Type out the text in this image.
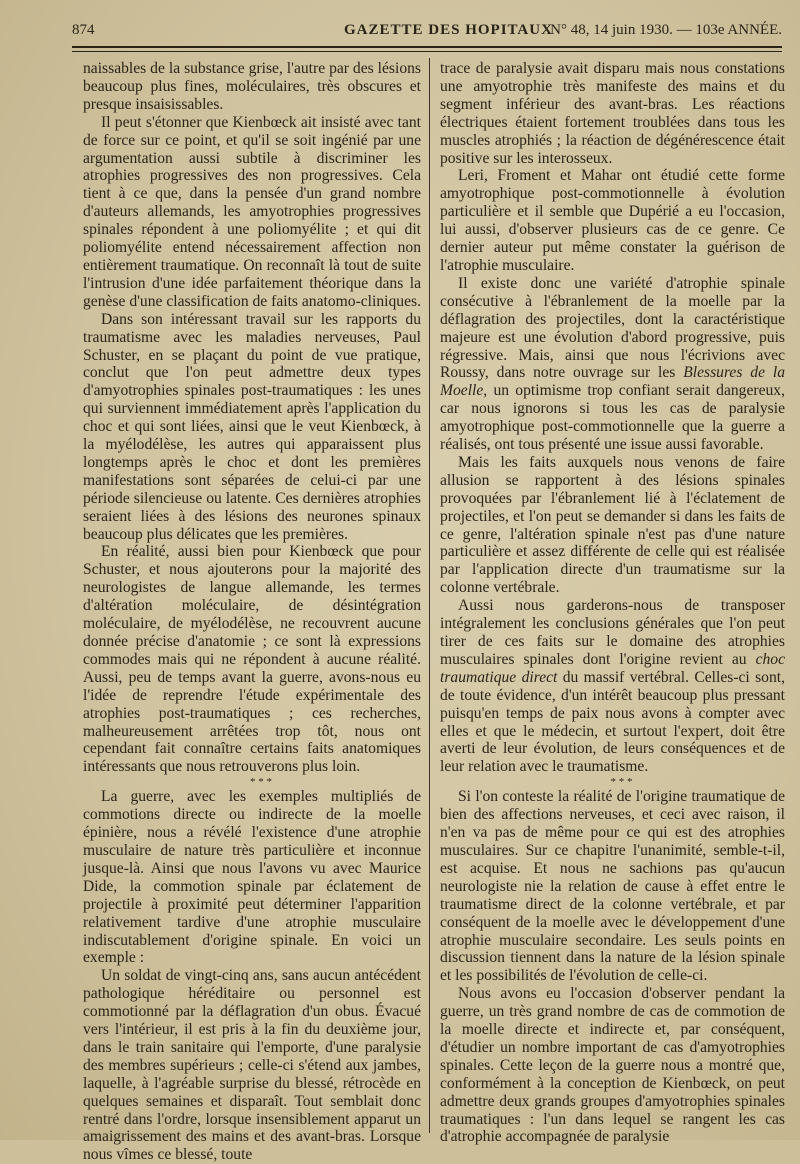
874	GAZETTE DES HOPITAUX
N° 48, 14 juin 1930. — 103e ANNÉE.

naissables de la substance grise, l'autre par des lésions beaucoup plus fines, moléculaires, très obscures et presque insaisissables.

Il peut s'étonner que Kienbœck ait insisté avec tant de force sur ce point, et qu'il se soit ingénié par une argumentation aussi subtile à discriminer les atrophies progressives des non progressives. Cela tient à ce que, dans la pensée d'un grand nombre d'auteurs allemands, les amyotrophies progressives spinales répondent à une poliomyélite ; et qui dit poliomyélite entend nécessairement affection non entièrement traumatique. On reconnaît là tout de suite l'intrusion d'une idée parfaitement théorique dans la genèse d'une classification de faits anatomo-cliniques.

Dans son intéressant travail sur les rapports du traumatisme avec les maladies nerveuses, Paul Schuster, en se plaçant du point de vue pratique, conclut que l'on peut admettre deux types d'amyotrophies spinales post-traumatiques : les unes qui surviennent immédiatement après l'application du choc et qui sont liées, ainsi que le veut Kienbœck, à la myélodélèse, les autres qui apparaissent plus longtemps après le choc et dont les premières manifestations sont séparées de celui-ci par une période silencieuse ou latente. Ces dernières atrophies seraient liées à des lésions des neurones spinaux beaucoup plus délicates que les premières.

En réalité, aussi bien pour Kienbœck que pour Schuster, et nous ajouterons pour la majorité des neurologistes de langue allemande, les termes d'altération moléculaire, de désintégration moléculaire, de myélodélèse, ne recouvrent aucune donnée précise d'anatomie ; ce sont là expressions commodes mais qui ne répondent à aucune réalité. Aussi, peu de temps avant la guerre, avons-nous eu l'idée de reprendre l'étude expérimentale des atrophies post-traumatiques ; ces recherches, malheureusement arrêtées trop tôt, nous ont cependant fait connaître certains faits anatomiques intéressants que nous retrouverons plus loin.

* * *

La guerre, avec les exemples multipliés de commotions directe ou indirecte de la moelle épinière, nous a révélé l'existence d'une atrophie musculaire de nature très particulière et inconnue jusque-là. Ainsi que nous l'avons vu avec Maurice Dide, la commotion spinale par éclatement de projectile à proximité peut déterminer l'apparition relativement tardive d'une atrophie musculaire indiscutablement d'origine spinale. En voici un exemple :

Un soldat de vingt-cinq ans, sans aucun antécédent pathologique héréditaire ou personnel est commotionné par la déflagration d'un obus. Évacué vers l'intérieur, il est pris à la fin du deuxième jour, dans le train sanitaire qui l'emporte, d'une paralysie des membres supérieurs ; celle-ci s'étend aux jambes, laquelle, à l'agréable surprise du blessé, rétrocède en quelques semaines et disparaît. Tout semblait donc rentré dans l'ordre, lorsque insensiblement apparut un amaigrissement des mains et des avant-bras. Lorsque nous vîmes ce blessé, toute

trace de paralysie avait disparu mais nous constations une amyotrophie très manifeste des mains et du segment inférieur des avant-bras. Les réactions électriques étaient fortement troublées dans tous les muscles atrophiés ; la réaction de dégénérescence était positive sur les interosseux.

Leri, Froment et Mahar ont étudié cette forme amyotrophique post-commotionnelle à évolution particulière et il semble que Dupérié a eu l'occasion, lui aussi, d'observer plusieurs cas de ce genre. Ce dernier auteur put même constater la guérison de l'atrophie musculaire.

Il existe donc une variété d'atrophie spinale consécutive à l'ébranlement de la moelle par la déflagration des projectiles, dont la caractéristique majeure est une évolution d'abord progressive, puis régressive. Mais, ainsi que nous l'écrivions avec Roussy, dans notre ouvrage sur les Blessures de la Moelle, un optimisme trop confiant serait dangereux, car nous ignorons si tous les cas de paralysie amyotrophique post-commotionnelle que la guerre a réalisés, ont tous présenté une issue aussi favorable.

Mais les faits auxquels nous venons de faire allusion se rapportent à des lésions spinales provoquées par l'ébranlement lié à l'éclatement de projectiles, et l'on peut se demander si dans les faits de ce genre, l'altération spinale n'est pas d'une nature particulière et assez différente de celle qui est réalisée par l'application directe d'un traumatisme sur la colonne vertébrale.

Aussi nous garderons-nous de transposer intégralement les conclusions générales que l'on peut tirer de ces faits sur le domaine des atrophies musculaires spinales dont l'origine revient au choc traumatique direct du massif vertébral. Celles-ci sont, de toute évidence, d'un intérêt beaucoup plus pressant puisqu'en temps de paix nous avons à compter avec elles et que le médecin, et surtout l'expert, doit être averti de leur évolution, de leurs conséquences et de leur relation avec le traumatisme.

* * *

Si l'on conteste la réalité de l'origine traumatique de bien des affections nerveuses, et ceci avec raison, il n'en va pas de même pour ce qui est des atrophies musculaires. Sur ce chapitre l'unanimité, semble-t-il, est acquise. Et nous ne sachions pas qu'aucun neurologiste nie la relation de cause à effet entre le traumatisme direct de la colonne vertébrale, et par conséquent de la moelle avec le développement d'une atrophie musculaire secondaire. Les seuls points en discussion tiennent dans la nature de la lésion spinale et les possibilités de l'évolution de celle-ci.

Nous avons eu l'occasion d'observer pendant la guerre, un très grand nombre de cas de commotion de la moelle directe et indirecte et, par conséquent, d'étudier un nombre important de cas d'amyotrophies spinales. Cette leçon de la guerre nous a montré que, conformément à la conception de Kienbœck, on peut admettre deux grands groupes d'amyotrophies spinales traumatiques : l'un dans lequel se rangent les cas d'atrophie accompagnée de paralysie
